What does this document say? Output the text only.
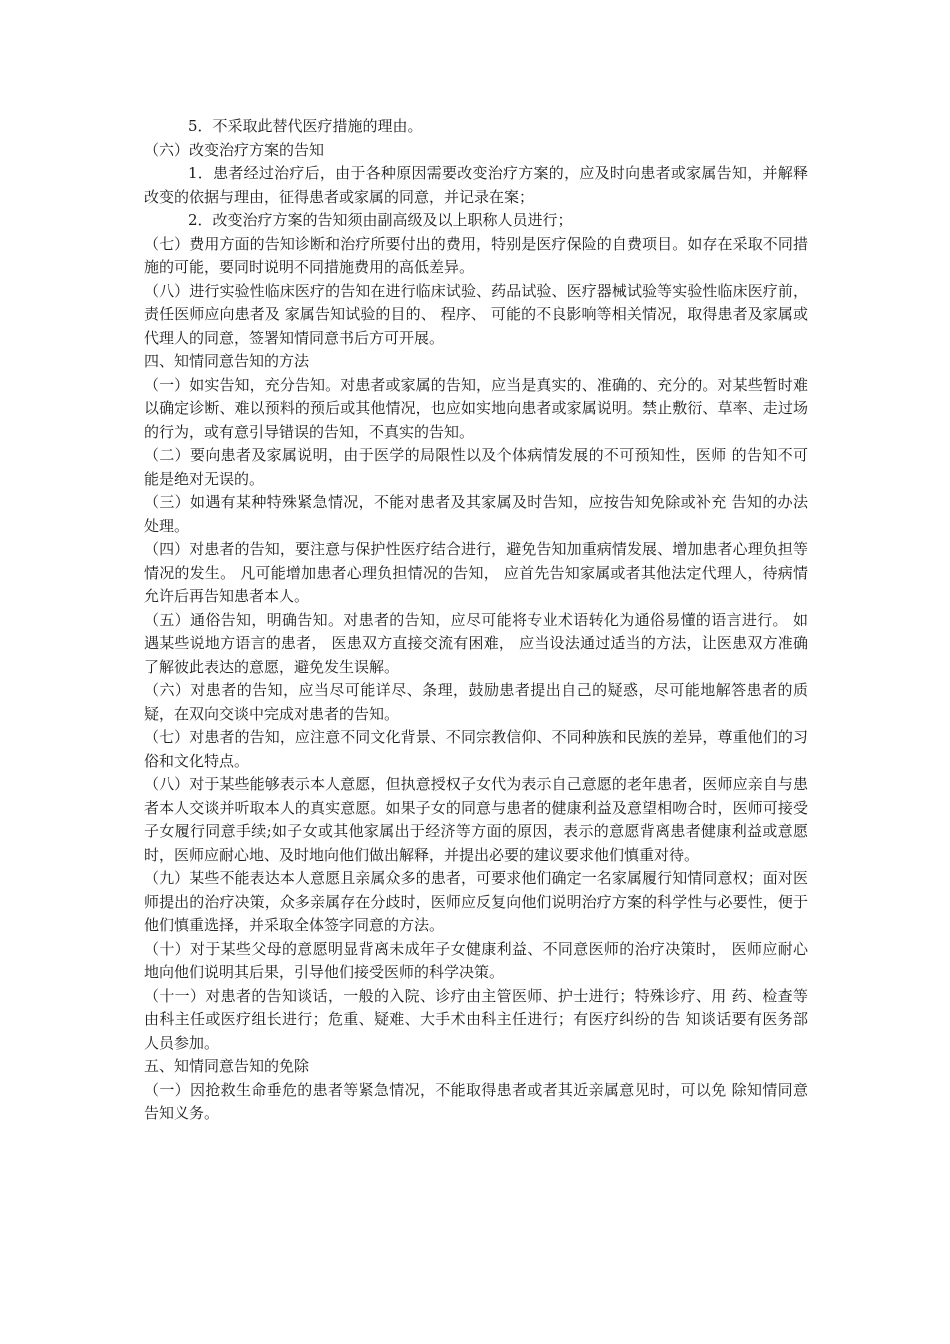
5．不采取此替代医疗措施的理由。

（六）改变治疗方案的告知

1．患者经过治疗后，由于各种原因需要改变治疗方案的，应及时向患者或家属告知，并解释改变的依据与理由，征得患者或家属的同意，并记录在案；

2．改变治疗方案的告知须由副高级及以上职称人员进行；

（七）费用方面的告知诊断和治疗所要付出的费用，特别是医疗保险的自费项目。如存在采取不同措施的可能，要同时说明不同措施费用的高低差异。

（八）进行实验性临床医疗的告知在进行临床试验、药品试验、医疗器械试验等实验性临床医疗前，责任医师应向患者及 家属告知试验的目的、 程序、 可能的不良影响等相关情况，取得患者及家属或代理人的同意，签署知情同意书后方可开展。

四、知情同意告知的方法

（一）如实告知，充分告知。对患者或家属的告知，应当是真实的、准确的、充分的。对某些暂时难以确定诊断、难以预料的预后或其他情况，也应如实地向患者或家属说明。禁止敷衍、草率、走过场的行为，或有意引导错误的告知，不真实的告知。

（二）要向患者及家属说明，由于医学的局限性以及个体病情发展的不可预知性，医师 的告知不可能是绝对无误的。

（三）如遇有某种特殊紧急情况，不能对患者及其家属及时告知，应按告知免除或补充 告知的办法处理。

（四）对患者的告知，要注意与保护性医疗结合进行，避免告知加重病情发展、增加患者心理负担等情况的发生。 凡可能增加患者心理负担情况的告知， 应首先告知家属或者其他法定代理人，待病情允许后再告知患者本人。

（五）通俗告知，明确告知。对患者的告知，应尽可能将专业术语转化为通俗易懂的语言进行。 如遇某些说地方语言的患者， 医患双方直接交流有困难， 应当设法通过适当的方法，让医患双方准确了解彼此表达的意愿，避免发生误解。

（六）对患者的告知，应当尽可能详尽、条理，鼓励患者提出自己的疑惑，尽可能地解答患者的质疑，在双向交谈中完成对患者的告知。

（七）对患者的告知，应注意不同文化背景、不同宗教信仰、不同种族和民族的差异，尊重他们的习俗和文化特点。

（八）对于某些能够表示本人意愿，但执意授权子女代为表示自己意愿的老年患者，医师应亲自与患者本人交谈并听取本人的真实意愿。如果子女的同意与患者的健康利益及意望相吻合时，医师可接受子女履行同意手续;如子女或其他家属出于经济等方面的原因，表示的意愿背离患者健康利益或意愿时，医师应耐心地、及时地向他们做出解释，并提出必要的建议要求他们慎重对待。

（九）某些不能表达本人意愿且亲属众多的患者，可要求他们确定一名家属履行知情同意权；面对医师提出的治疗决策，众多亲属存在分歧时，医师应反复向他们说明治疗方案的科学性与必要性，便于他们慎重选择，并采取全体签字同意的方法。

（十）对于某些父母的意愿明显背离未成年子女健康利益、不同意医师的治疗决策时， 医师应耐心地向他们说明其后果，引导他们接受医师的科学决策。

（十一）对患者的告知谈话，一般的入院、诊疗由主管医师、护士进行；特殊诊疗、用 药、检查等由科主任或医疗组长进行；危重、疑难、大手术由科主任进行；有医疗纠纷的告 知谈话要有医务部人员参加。

五、知情同意告知的免除

（一）因抢救生命垂危的患者等紧急情况，不能取得患者或者其近亲属意见时，可以免 除知情同意告知义务。
